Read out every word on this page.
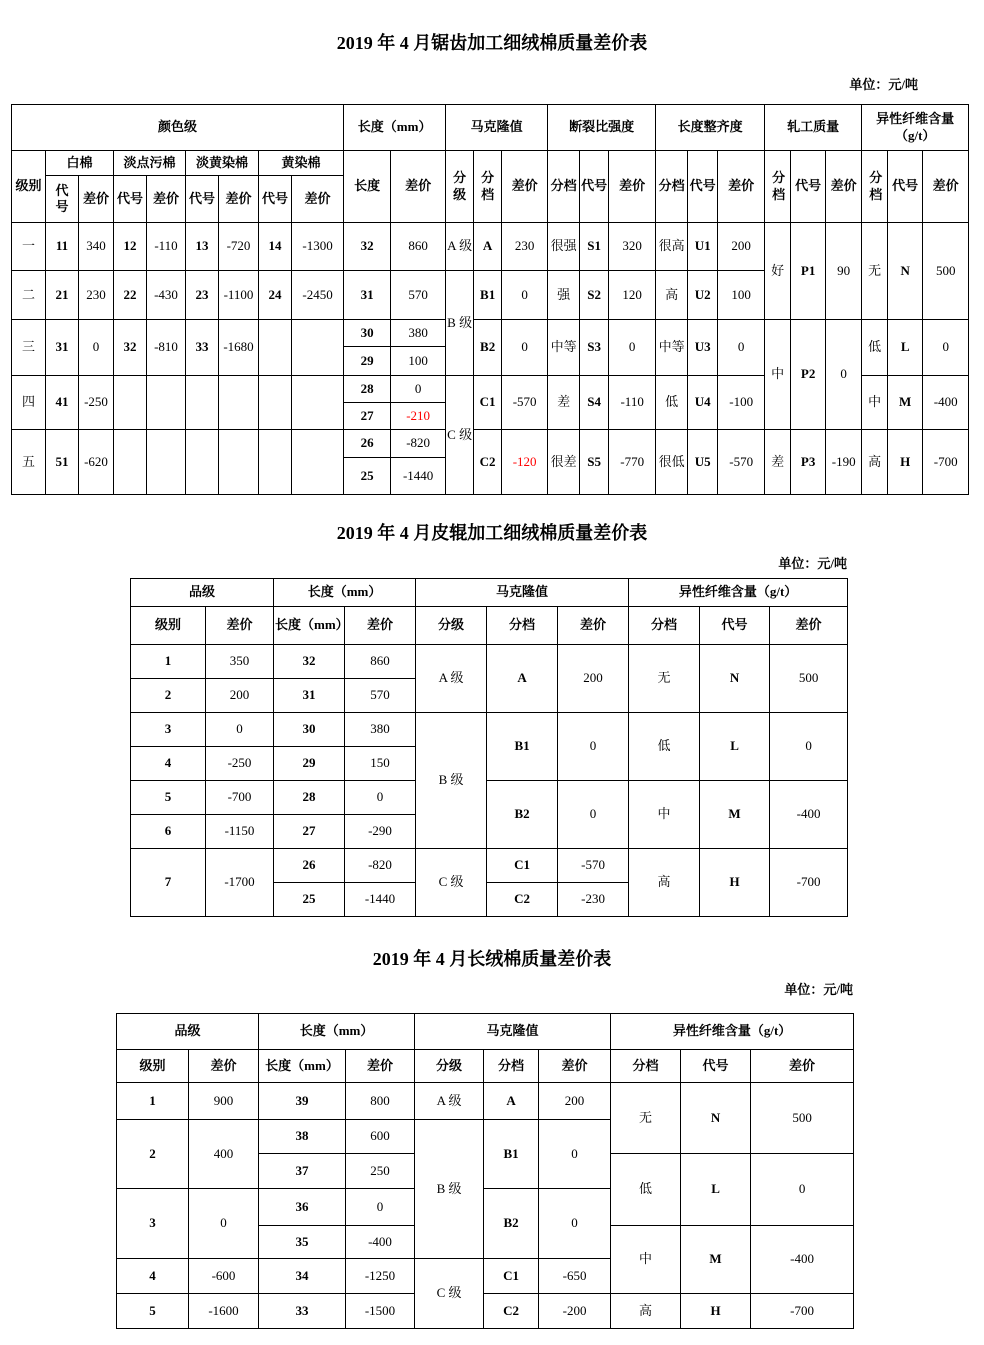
2019 年 4 月锯齿加工细绒棉质量差价表
单位：元/吨
颜色级									长度（mm）		马克隆值			断裂比强度			长度整齐度			轧工质量			异性纤维含量（g/t）		
级别	白棉		淡点污棉		淡黄染棉		黄染棉		长度	差价	分级	分档	差价	分档	代号	差价	分档	代号	差价	分档	代号	差价	分档	代号	差价
	代号	差价	代号	差价	代号	差价	代号	差价																	
一	11	340	12	-110	13	-720	14	-1300	32	860	A 级	A	230	很强	S1	320	很高	U1	200	好	P1	90	无	N	500
二	21	230	22	-430	23	-1100	24	-2450	31	570	B 级	B1	0	强	S2	120	高	U2	100						
三	31	0	32	-810	33	-1680			30	380		B2	0	中等	S3	0	中等	U3	0	中	P2	0	低	L	0
									29	100															
四	41	-250							28	0	C 级	C1	-570	差	S4	-110	低	U4	-100				中	M	-400
									27	-210															
五	51	-620							26	-820		C2	-120	很差	S5	-770	很低	U5	-570	差	P3	-190	高	H	-700
									25	-1440															
2019 年 4 月皮辊加工细绒棉质量差价表
单位：元/吨
品级		长度（mm）		马克隆值			异性纤维含量（g/t）		
级别	差价	长度（mm）	差价	分级	分档	差价	分档	代号	差价
1	350	32	860	A 级	A	200	无	N	500
2	200	31	570						
3	0	30	380	B 级	B1	0	低	L	0
4	-250	29	150						
5	-700	28	0		B2	0	中	M	-400
6	-1150	27	-290						
7	-1700	26	-820	C 级	C1	-570	高	H	-700
		25	-1440		C2	-230			
2019 年 4 月长绒棉质量差价表
单位：元/吨
品级		长度（mm）		马克隆值			异性纤维含量（g/t）		
级别	差价	长度（mm）	差价	分级	分档	差价	分档	代号	差价
1	900	39	800	A 级	A	200	无	N	500
2	400	38	600	B 级	B1	0			
		37	250				低	L	0
3	0	36	0		B2	0			
		35	-400				中	M	-400
4	-600	34	-1250	C 级	C1	-650			
5	-1600	33	-1500		C2	-200	高	H	-700
